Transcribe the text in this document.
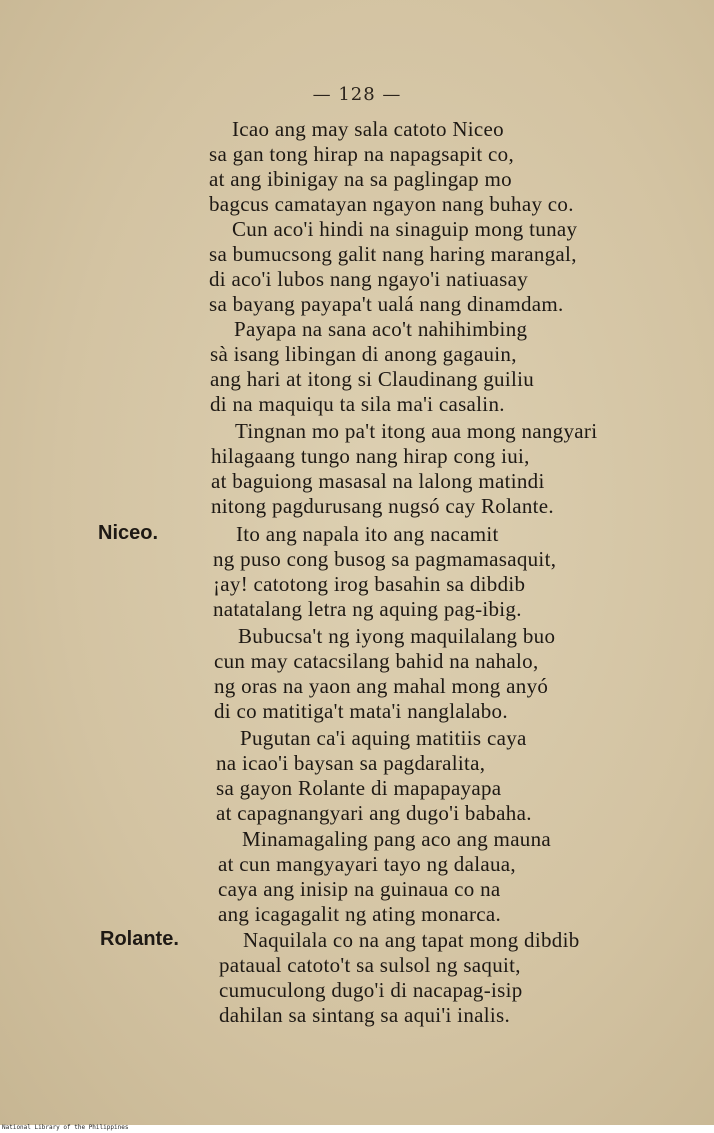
— 128 —
Niceo.
Rolante.
Icao ang may sala catoto Niceo
sa gan tong hirap na napagsapit co,
at ang ibinigay na sa paglingap mo
bagcus camatayan ngayon nang buhay co.
Cun aco'i hindi na sinaguip mong tunay
sa bumucsong galit nang haring marangal,
di aco'i lubos nang ngayo'i natiuasay
sa bayang payapa't ualá nang dinamdam.
Payapa na sana aco't nahihimbing
sà isang libingan di anong gagauin,
ang hari at itong si Claudinang guiliu
di na maquiqu ta sila ma'i casalin.
Tingnan mo pa't itong aua mong nangyari
hilagaang tungo nang hirap cong iui,
at baguiong masasal na lalong matindi
nitong pagdurusang nugsó cay Rolante.
Ito ang napala ito ang nacamit
ng puso cong busog sa pagmamasaquit,
¡ay! catotong irog basahin sa dibdib
natatalang letra ng aquing pag-ibig.
Bubucsa't ng iyong maquilalang buo
cun may catacsilang bahid na nahalo,
ng oras na yaon ang mahal mong anyó
di co matitiga't mata'i nanglalabo.
Pugutan ca'i aquing matitiis caya
na icao'i baysan sa pagdaralita,
sa gayon Rolante di mapapayapa
at capagnangyari ang dugo'i babaha.
Minamagaling pang aco ang mauna
at cun mangyayari tayo ng dalaua,
caya ang inisip na guinaua co na
ang icagagalit ng ating monarca.
Naquilala co na ang tapat mong dibdib
pataual catoto't sa sulsol ng saquit,
cumuculong dugo'i di nacapag-isip
dahilan sa sintang sa aqui'i inalis.
National Library of the Philippines
